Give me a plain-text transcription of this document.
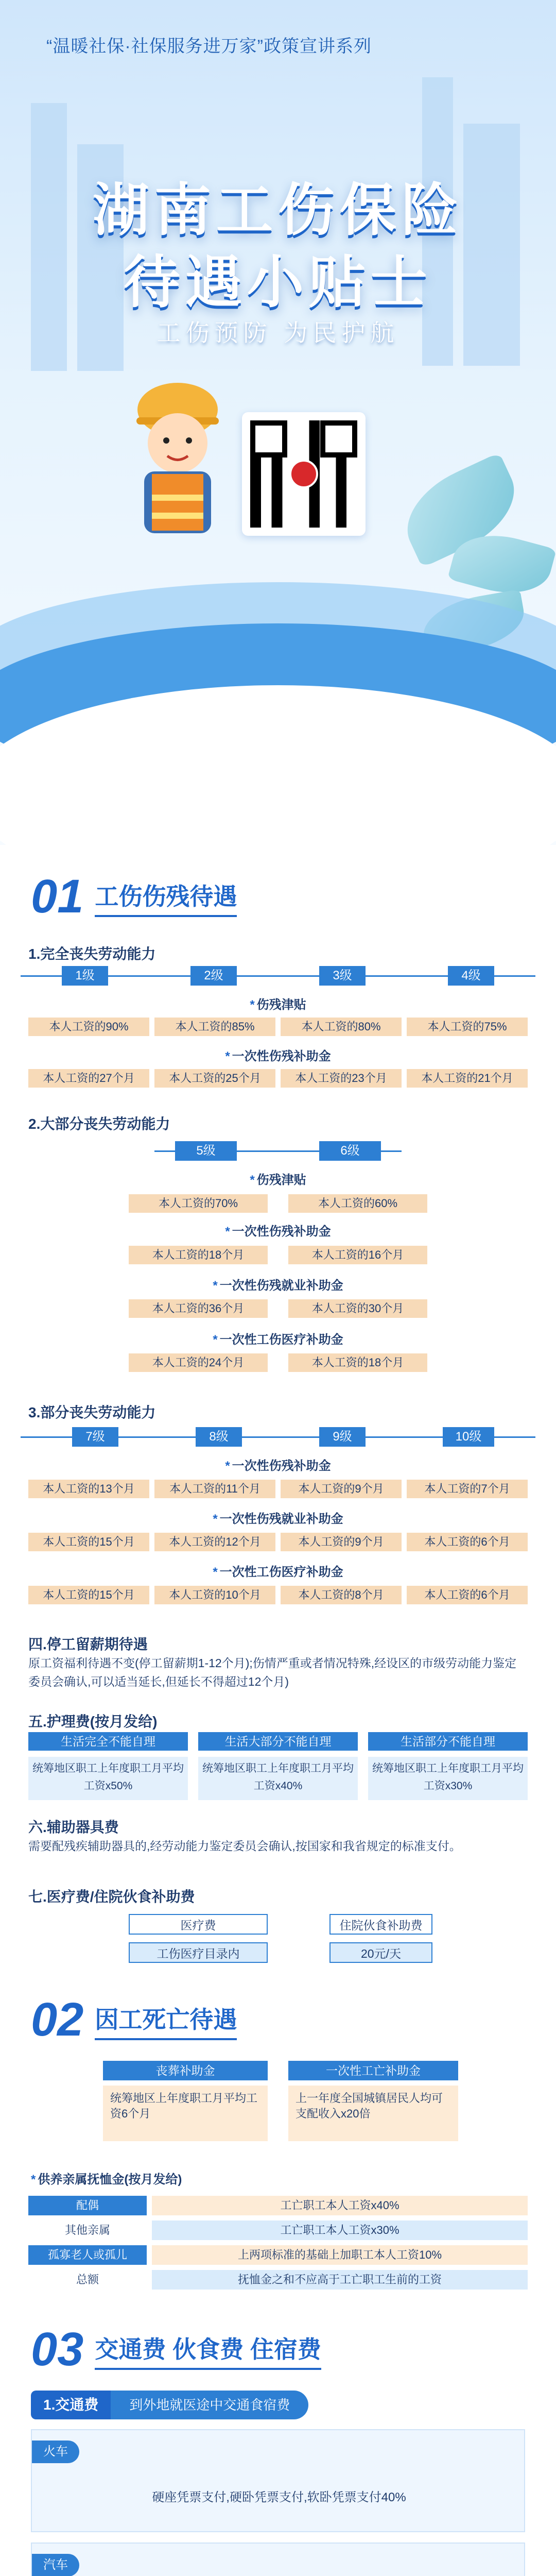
“温暖社保·社保服务进万家”政策宣讲系列
湖南工伤保险
待遇小贴士
工伤预防 为民护航
01 工伤伤残待遇
1.完全丧失劳动能力
1级	2级	3级	4级
* 伤残津贴
本人工资的90%	本人工资的85%	本人工资的80%	本人工资的75%
* 一次性伤残补助金
本人工资的27个月	本人工资的25个月	本人工资的23个月	本人工资的21个月
2.大部分丧失劳动能力
5级	6级
* 伤残津贴
本人工资的70%	本人工资的60%
* 一次性伤残补助金
本人工资的18个月	本人工资的16个月
* 一次性伤残就业补助金
本人工资的36个月	本人工资的30个月
* 一次性工伤医疗补助金
本人工资的24个月	本人工资的18个月
3.部分丧失劳动能力
7级	8级	9级	10级
* 一次性伤残补助金
本人工资的13个月	本人工资的11个月	本人工资的9个月	本人工资的7个月
* 一次性伤残就业补助金
本人工资的15个月	本人工资的12个月	本人工资的9个月	本人工资的6个月
* 一次性工伤医疗补助金
本人工资的15个月	本人工资的10个月	本人工资的8个月	本人工资的6个月
四.停工留薪期待遇
原工资福利待遇不变(停工留薪期1-12个月);伤情严重或者情况特殊,经设区的市级劳动能力鉴定委员会确认,可以适当延长,但延长不得超过12个月)
五.护理费(按月发给)
生活完全不能自理	生活大部分不能自理	生活部分不能自理
统筹地区职工上年度职工月平均工资x50%
统筹地区职工上年度职工月平均工资x40%
统筹地区职工上年度职工月平均工资x30%
六.辅助器具费
需要配残疾辅助器具的,经劳动能力鉴定委员会确认,按国家和我省规定的标准支付。
七.医疗费/住院伙食补助费
医疗费	住院伙食补助费
工伤医疗目录内	20元/天
02 因工死亡待遇
丧葬补助金	一次性工亡补助金
统筹地区上年度职工月平均工资6个月
上一年度全国城镇居民人均可支配收入x20倍
* 供养亲属抚恤金(按月发给)
配偶	工亡职工本人工资x40%
其他亲属	工亡职工本人工资x30%
孤寡老人或孤儿	上两项标准的基础上加职工本人工资10%
总额	抚恤金之和不应高于工亡职工生前的工资
03 交通费 伙食费 住宿费
1.交通费	到外地就医途中交通食宿费
火车
硬座凭票支付,硬卧凭票支付,软卧凭票支付40%
汽车
